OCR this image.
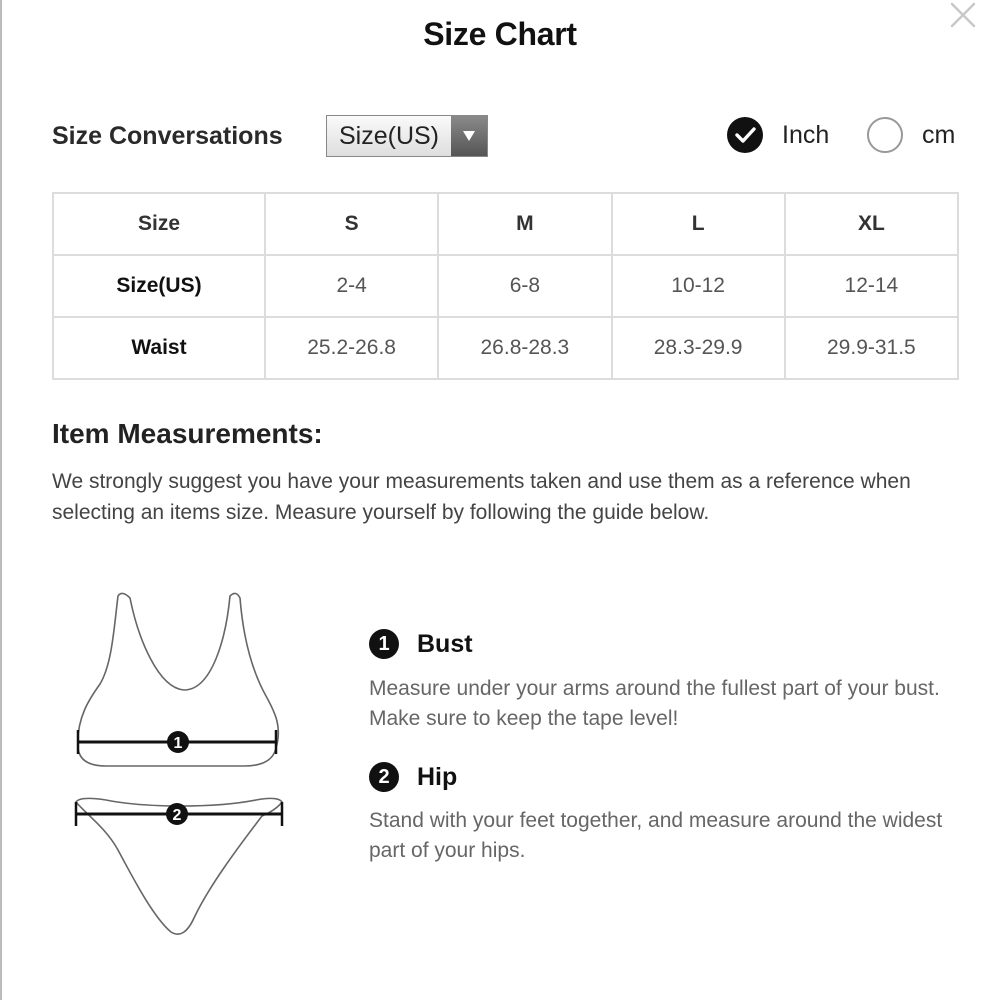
Size Chart
Size Conversations	Size(US)	Inch	cm
Size	S	M	L	XL
Size(US)	2-4	6-8	10-12	12-14
Waist	25.2-26.8	26.8-28.3	28.3-29.9	29.9-31.5
Item Measurements:
We strongly suggest you have your measurements taken and use them as a reference when selecting an items size. Measure yourself by following the guide below.
1
2
1	Bust
Measure under your arms around the fullest part of your bust. Make sure to keep the tape level!
2	Hip
Stand with your feet together, and measure around the widest part of your hips.
